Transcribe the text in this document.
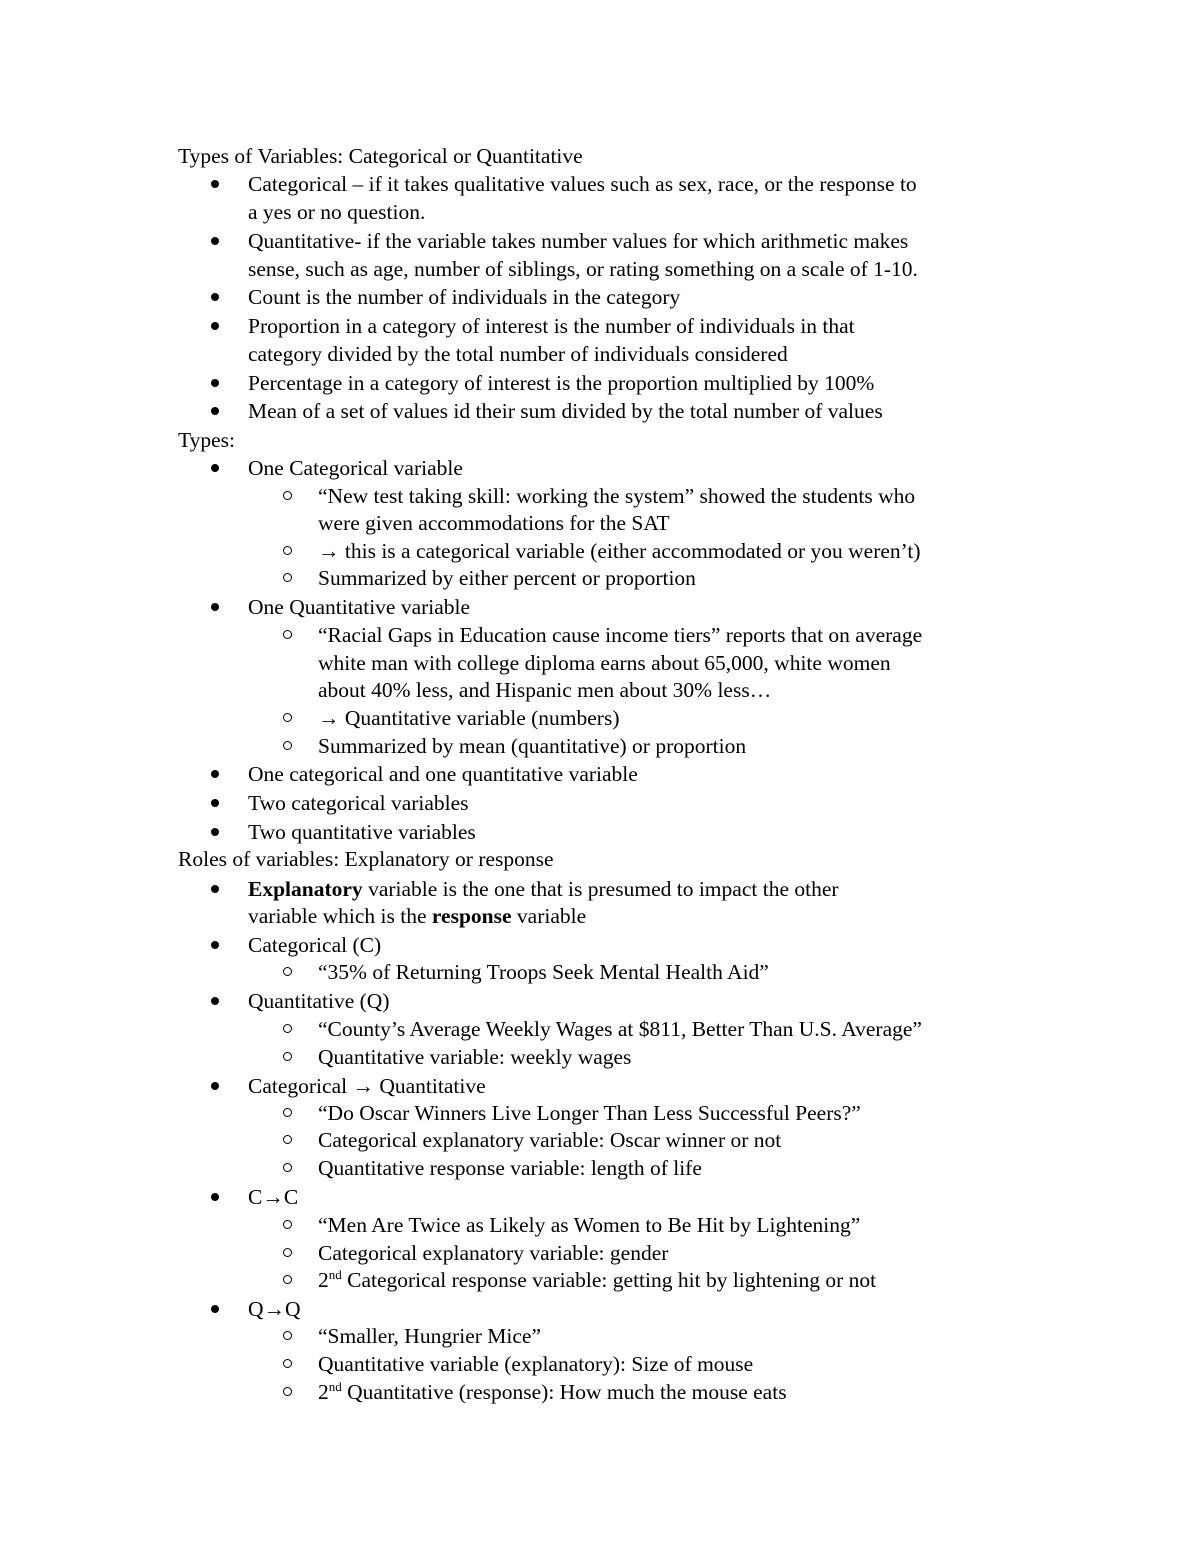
Types of Variables: Categorical or Quantitative
Categorical – if it takes qualitative values such as sex, race, or the response to
a yes or no question.
Quantitative- if the variable takes number values for which arithmetic makes
sense, such as age, number of siblings, or rating something on a scale of 1-10.
Count is the number of individuals in the category
Proportion in a category of interest is the number of individuals in that
category divided by the total number of individuals considered
Percentage in a category of interest is the proportion multiplied by 100%
Mean of a set of values id their sum divided by the total number of values
Types:
One Categorical variable
“New test taking skill: working the system” showed the students who
were given accommodations for the SAT
→ this is a categorical variable (either accommodated or you weren’t)
Summarized by either percent or proportion
One Quantitative variable
“Racial Gaps in Education cause income tiers” reports that on average
white man with college diploma earns about 65,000, white women
about 40% less, and Hispanic men about 30% less…
→ Quantitative variable (numbers)
Summarized by mean (quantitative) or proportion
One categorical and one quantitative variable
Two categorical variables
Two quantitative variables
Roles of variables: Explanatory or response
Explanatory variable is the one that is presumed to impact the other
variable which is the response variable
Categorical (C)
“35% of Returning Troops Seek Mental Health Aid”
Quantitative (Q)
“County’s Average Weekly Wages at $811, Better Than U.S. Average”
Quantitative variable: weekly wages
Categorical → Quantitative
“Do Oscar Winners Live Longer Than Less Successful Peers?”
Categorical explanatory variable: Oscar winner or not
Quantitative response variable: length of life
C→C
“Men Are Twice as Likely as Women to Be Hit by Lightening”
Categorical explanatory variable: gender
2nd Categorical response variable: getting hit by lightening or not
Q→Q
“Smaller, Hungrier Mice”
Quantitative variable (explanatory): Size of mouse
2nd Quantitative (response): How much the mouse eats
